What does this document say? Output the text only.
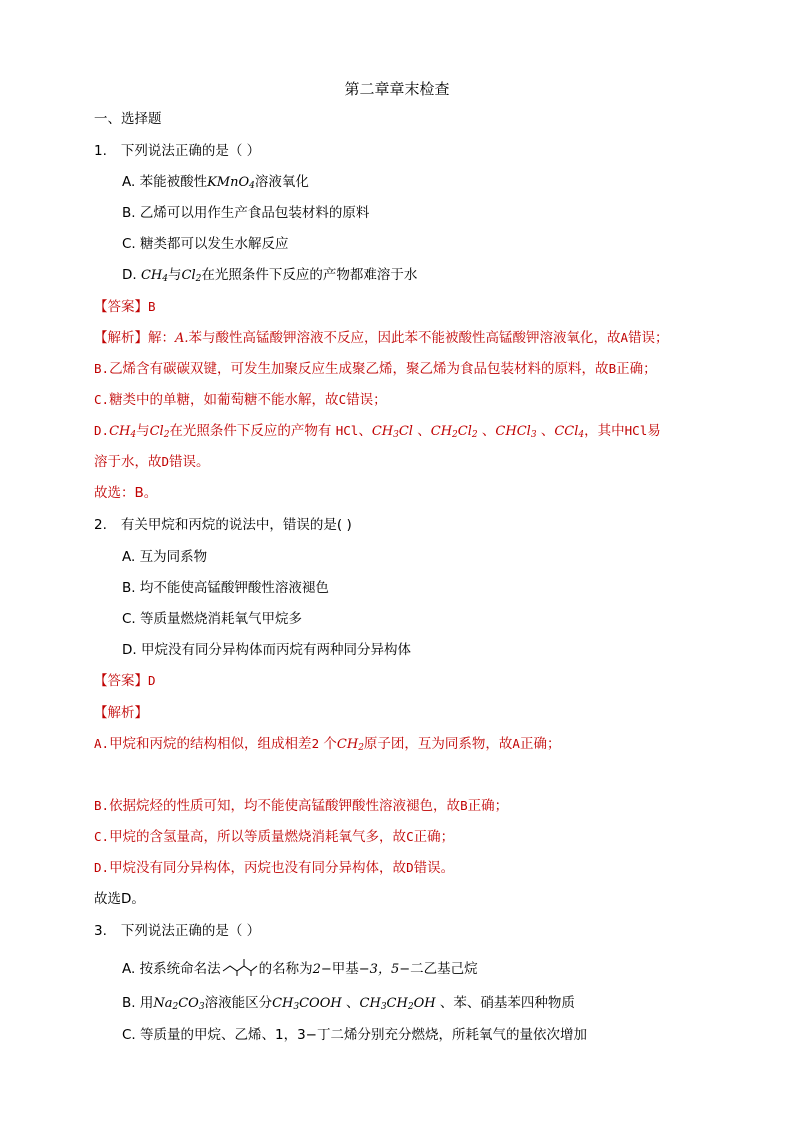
第二章章末检查
一、选择题
1. 下列说法正确的是（ ）
A. 苯能被酸性KMnO$_4$溶液氧化
B. 乙烯可以用作生产食品包装材料的原料
C. 糖类都可以发生水解反应
D. $CH_4$与$Cl_2$在光照条件下反应的产物都难溶于水
【答案】B
【解析】解：A.苯与酸性高锰酸钾溶液不反应，因此苯不能被酸性高锰酸钾溶液氧化，故A错误；
B.乙烯含有碳碳双键，可发生加聚反应生成聚乙烯，聚乙烯为食品包装材料的原料，故B正确；
C.糖类中的单糖，如葡萄糖不能水解，故C错误；
$D.CH_4$与$Cl_2$在光照条件下反应的产物有 HCl、$CH_3Cl$ 、$CH_2Cl_2$ 、CHCl$_3$ 、CCl$_4$，其中HCl易
溶于水，故D错误。
故选：B。
2. 有关甲烷和丙烷的说法中，错误的是( )
A. 互为同系物
B. 均不能使高锰酸钾酸性溶液褪色
C. 等质量燃烧消耗氧气甲烷多
D. 甲烷没有同分异构体而丙烷有两种同分异构体
【答案】D
【解析】
A.甲烷和丙烷的结构相似，组成相差2 个$CH_2$原子团，互为同系物，故A正确；
B.依据烷烃的性质可知，均不能使高锰酸钾酸性溶液褪色，故B正确；
C.甲烷的含氢量高，所以等质量燃烧消耗氧气多，故C正确；
D.甲烷没有同分异构体，丙烷也没有同分异构体，故D错误。
故选D。
3. 下列说法正确的是（ ）
A. 按系统命名法	的名称为2−甲基−3，5−二乙基己烷
B. 用$Na_2CO_3$溶液能区分$CH_3COOH$ 、$CH_3CH_2OH$ 、苯、硝基苯四种物质
C. 等质量的甲烷、乙烯、1，3−丁二烯分别充分燃烧，所耗氧气的量依次增加
